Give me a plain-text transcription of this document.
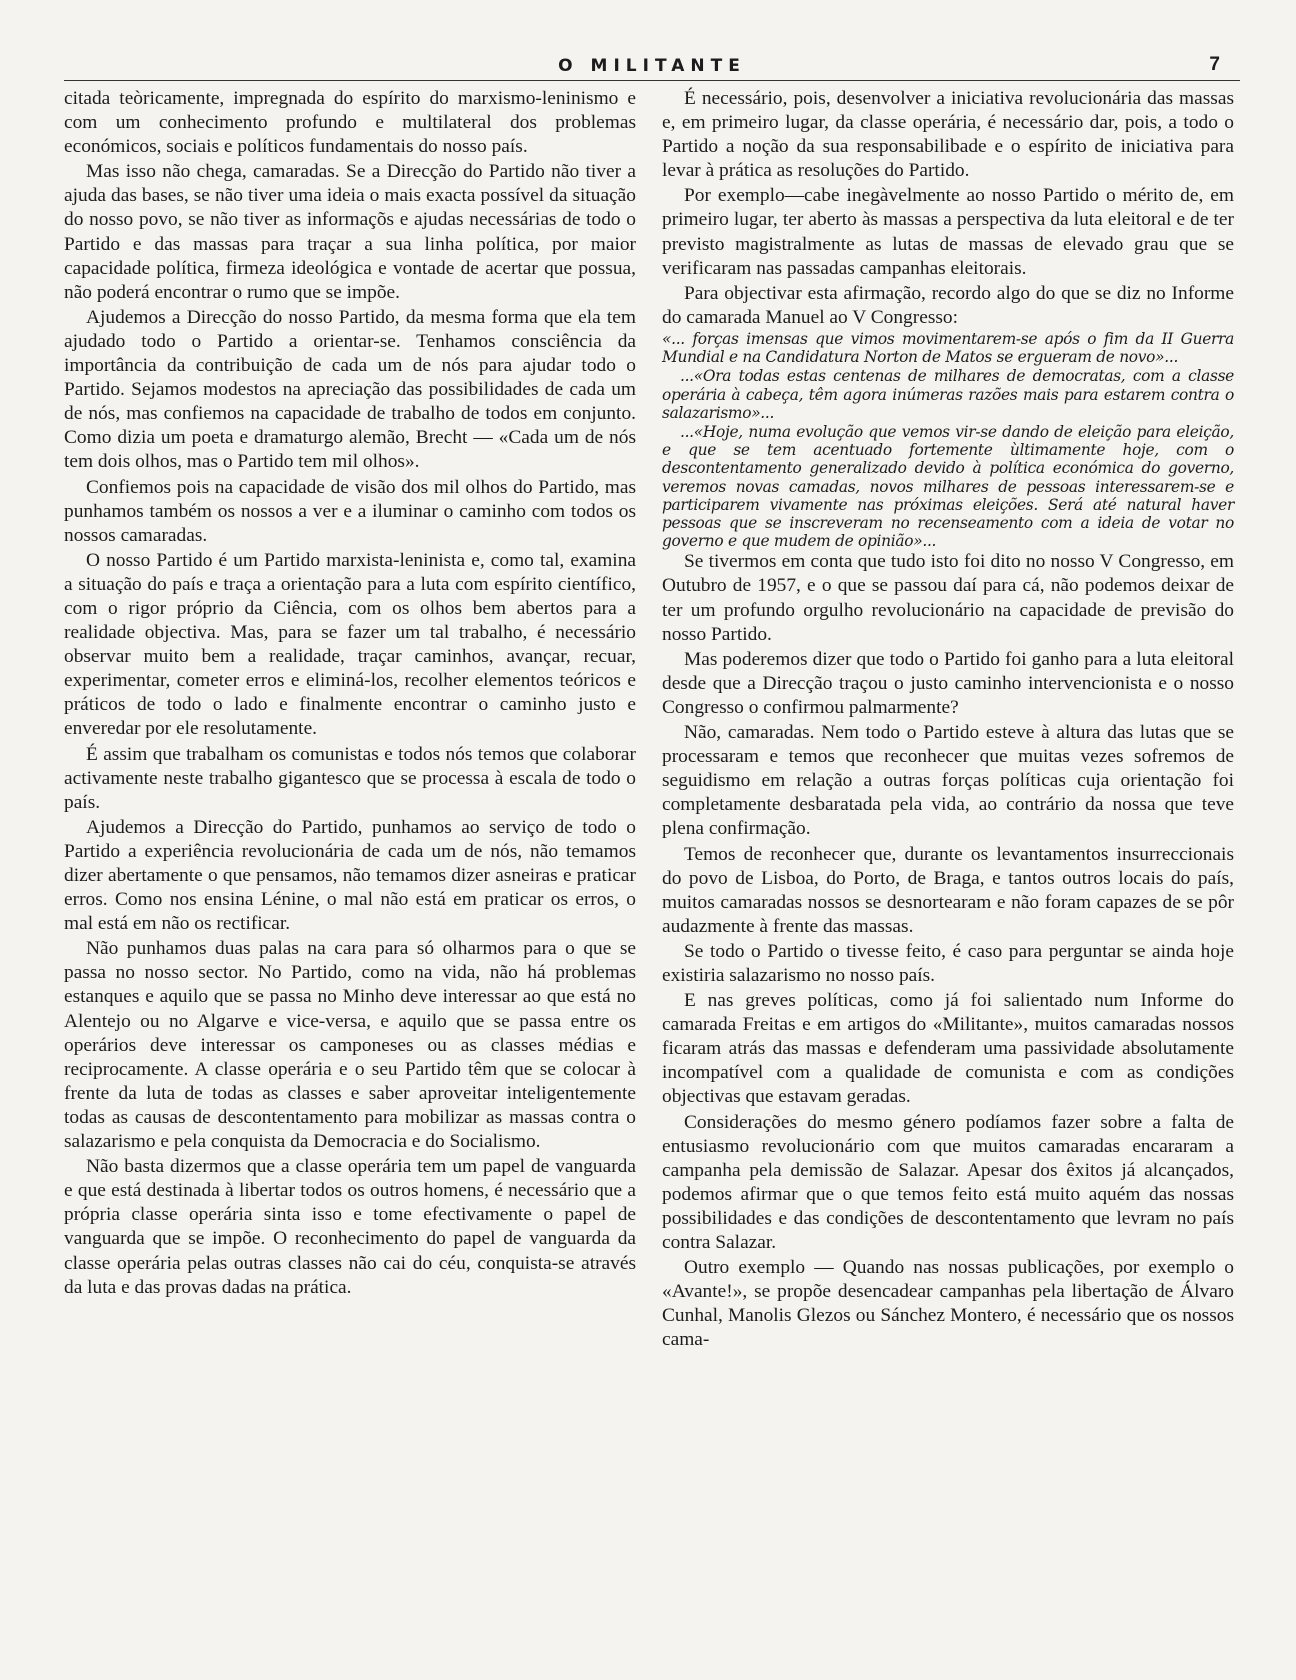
O MILITANTE	7

citada teòricamente, impregnada do espírito do marxismo-leninismo e com um conhecimento profundo e multilateral dos problemas económicos, sociais e políticos fundamentais do nosso país.

Mas isso não chega, camaradas. Se a Direcção do Partido não tiver a ajuda das bases, se não tiver uma ideia o mais exacta possível da situação do nosso povo, se não tiver as informaçõs e ajudas necessárias de todo o Partido e das massas para traçar a sua linha política, por maior capacidade política, firmeza ideológica e vontade de acertar que possua, não poderá encontrar o rumo que se impõe.

Ajudemos a Direcção do nosso Partido, da mesma forma que ela tem ajudado todo o Partido a orientar-se. Tenhamos consciência da importância da contribuição de cada um de nós para ajudar todo o Partido. Sejamos modestos na apreciação das possibilidades de cada um de nós, mas confiemos na capacidade de trabalho de todos em conjunto. Como dizia um poeta e dramaturgo alemão, Brecht — «Cada um de nós tem dois olhos, mas o Partido tem mil olhos».

Confiemos pois na capacidade de visão dos mil olhos do Partido, mas punhamos também os nossos a ver e a iluminar o caminho com todos os nossos camaradas.

O nosso Partido é um Partido marxista-leninista e, como tal, examina a situação do país e traça a orientação para a luta com espírito científico, com o rigor próprio da Ciência, com os olhos bem abertos para a realidade objectiva. Mas, para se fazer um tal trabalho, é necessário observar muito bem a realidade, traçar caminhos, avançar, recuar, experimentar, cometer erros e eliminá-los, recolher elementos teóricos e práticos de todo o lado e finalmente encontrar o caminho justo e enveredar por ele resolutamente.

É assim que trabalham os comunistas e todos nós temos que colaborar activamente neste trabalho gigantesco que se processa à escala de todo o país.

Ajudemos a Direcção do Partido, punhamos ao serviço de todo o Partido a experiência revolucionária de cada um de nós, não temamos dizer abertamente o que pensamos, não temamos dizer asneiras e praticar erros. Como nos ensina Lénine, o mal não está em praticar os erros, o mal está em não os rectificar.

Não punhamos duas palas na cara para só olharmos para o que se passa no nosso sector. No Partido, como na vida, não há problemas estanques e aquilo que se passa no Minho deve interessar ao que está no Alentejo ou no Algarve e vice-versa, e aquilo que se passa entre os operários deve interessar os camponeses ou as classes médias e reciprocamente. A classe operária e o seu Partido têm que se colocar à frente da luta de todas as classes e saber aproveitar inteligentemente todas as causas de descontentamento para mobilizar as massas contra o salazarismo e pela conquista da Democracia e do Socialismo.

Não basta dizermos que a classe operária tem um papel de vanguarda e que está destinada à libertar todos os outros homens, é necessário que a própria classe operária sinta isso e tome efectivamente o papel de vanguarda que se impõe. O reconhecimento do papel de vanguarda da classe operária pelas outras classes não cai do céu, conquista-se através da luta e das provas dadas na prática.

É necessário, pois, desenvolver a iniciativa revolucionária das massas e, em primeiro lugar, da classe operária, é necessário dar, pois, a todo o Partido a noção da sua responsabilibade e o espírito de iniciativa para levar à prática as resoluções do Partido.

Por exemplo—cabe inegàvelmente ao nosso Partido o mérito de, em primeiro lugar, ter aberto às massas a perspectiva da luta eleitoral e de ter previsto magistralmente as lutas de massas de elevado grau que se verificaram nas passadas campanhas eleitorais.

Para objectivar esta afirmação, recordo algo do que se diz no Informe do camarada Manuel ao V Congresso:

«... forças imensas que vimos movimentarem-se após o fim da II Guerra Mundial e na Candidatura Norton de Matos se ergueram de novo»...

...«Ora todas estas centenas de milhares de democratas, com a classe operária à cabeça, têm agora inúmeras razões mais para estarem contra o salazarismo»...

...«Hoje, numa evolução que vemos vir-se dando de eleição para eleição, e que se tem acentuado fortemente ùltimamente hoje, com o descontentamento generalizado devido à política económica do governo, veremos novas camadas, novos milhares de pessoas interessarem-se e participarem vivamente nas próximas eleições. Será até natural haver pessoas que se inscreveram no recenseamento com a ideia de votar no governo e que mudem de opinião»...

Se tivermos em conta que tudo isto foi dito no nosso V Congresso, em Outubro de 1957, e o que se passou daí para cá, não podemos deixar de ter um profundo orgulho revolucionário na capacidade de previsão do nosso Partido.

Mas poderemos dizer que todo o Partido foi ganho para a luta eleitoral desde que a Direcção traçou o justo caminho intervencionista e o nosso Congresso o confirmou palmarmente?

Não, camaradas. Nem todo o Partido esteve à altura das lutas que se processaram e temos que reconhecer que muitas vezes sofremos de seguidismo em relação a outras forças políticas cuja orientação foi completamente desbaratada pela vida, ao contrário da nossa que teve plena confirmação.

Temos de reconhecer que, durante os levantamentos insurreccionais do povo de Lisboa, do Porto, de Braga, e tantos outros locais do país, muitos camaradas nossos se desnortearam e não foram capazes de se pôr audazmente à frente das massas.

Se todo o Partido o tivesse feito, é caso para perguntar se ainda hoje existiria salazarismo no nosso país.

E nas greves políticas, como já foi salientado num Informe do camarada Freitas e em artigos do «Militante», muitos camaradas nossos ficaram atrás das massas e defenderam uma passividade absolutamente incompatível com a qualidade de comunista e com as condições objectivas que estavam geradas.

Considerações do mesmo género podíamos fazer sobre a falta de entusiasmo revolucionário com que muitos camaradas encararam a campanha pela demissão de Salazar. Apesar dos êxitos já alcançados, podemos afirmar que o que temos feito está muito aquém das nossas possibilidades e das condições de descontentamento que levram no país contra Salazar.

Outro exemplo — Quando nas nossas publicações, por exemplo o «Avante!», se propõe desencadear campanhas pela libertação de Álvaro Cunhal, Manolis Glezos ou Sánchez Montero, é necessário que os nossos cama-
